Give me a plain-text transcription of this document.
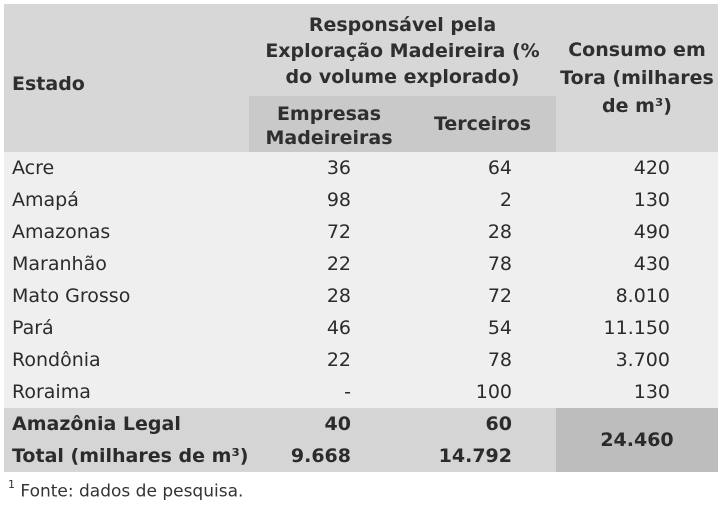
Estado	Responsável pela Exploração Madeireira (% do volume explorado)		Consumo em Tora (milhares de m³)
	Empresas Madeireiras	Terceiros	
Acre	36	64	420
Amapá	98	2	130
Amazonas	72	28	490
Maranhão	22	78	430
Mato Grosso	28	72	8.010
Pará	46	54	11.150
Rondônia	22	78	3.700
Roraima	-	100	130
Amazônia Legal	40	60	24.460
Total (milhares de m³)	9.668	14.792	
$^1$ Fonte: dados de pesquisa.
